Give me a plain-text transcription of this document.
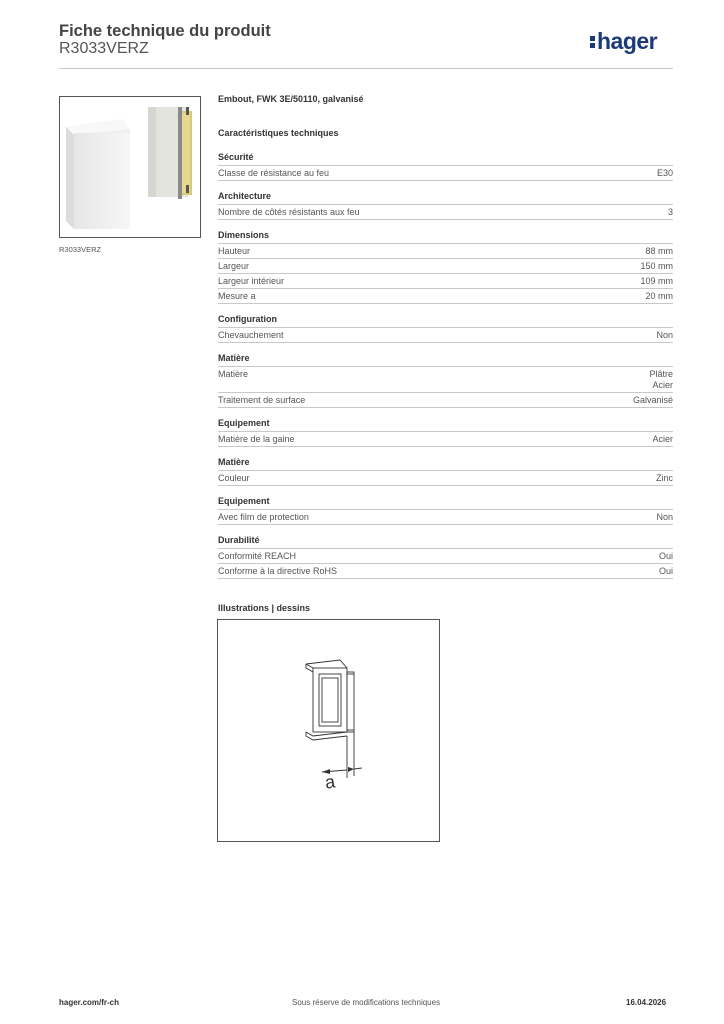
Fiche technique du produit
R3033VERZ	hager
R3033VERZ
Embout, FWK 3E/50110, galvanisé
Caractéristiques techniques
Sécurité
Classe de résistance au feu	E30
Architecture
Nombre de côtés résistants aux feu	3
Dimensions
Hauteur	88 mm
Largeur	150 mm
Largeur intérieur	109 mm
Mesure a	20 mm
Configuration
Chevauchement	Non
Matière
Matière	Plâtre
Acier
Traitement de surface	Galvanisé
Equipement
Matière de la gaine	Acier
Matière
Couleur	Zinc
Equipement
Avec film de protection	Non
Durabilité
Conformité REACH	Oui
Conforme à la directive RoHS	Oui
Illustrations | dessins
a
hager.com/fr-ch	Sous réserve de modifications techniques	16.04.2026
